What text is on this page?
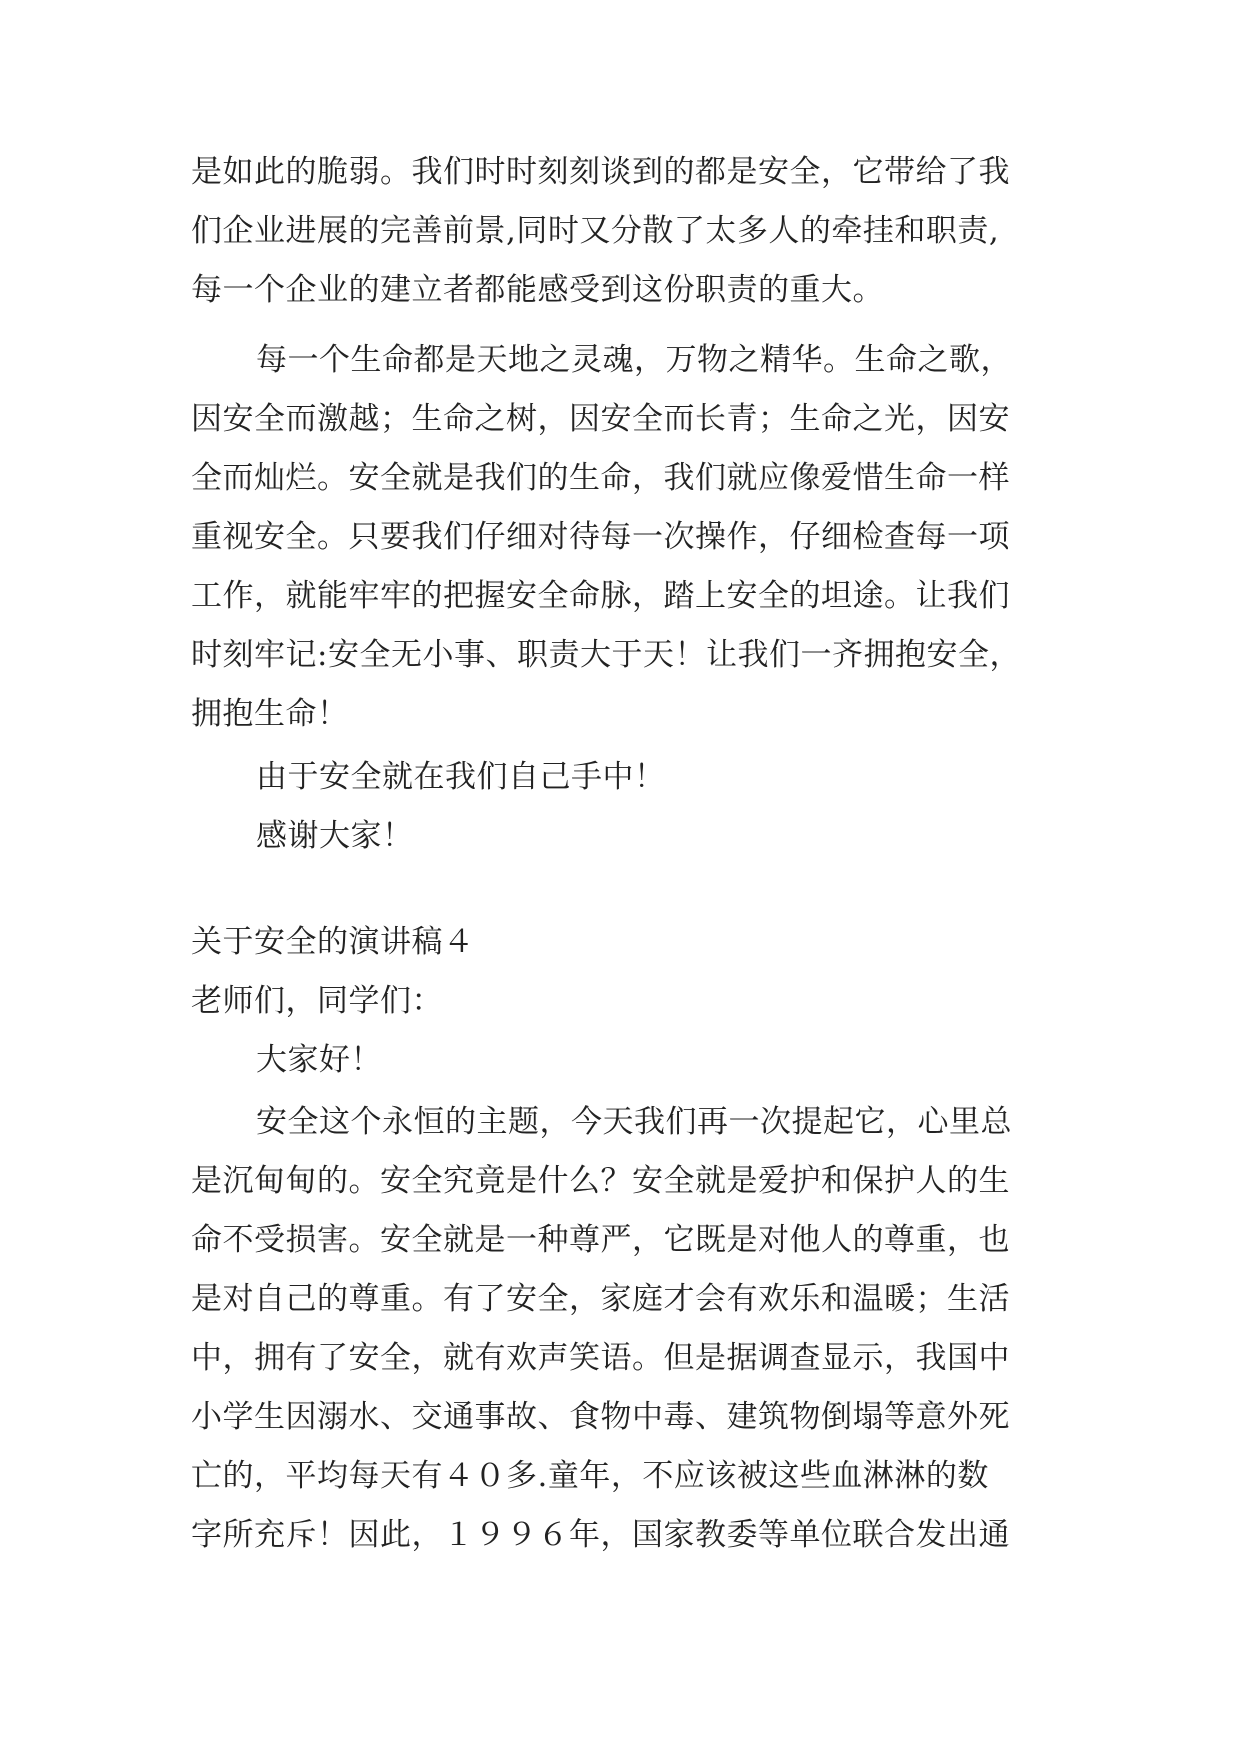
是如此的脆弱。我们时时刻刻谈到的都是安全，它带给了我
们企业进展的完善前景,同时又分散了太多人的牵挂和职责,
每一个企业的建立者都能感受到这份职责的重大。
每一个生命都是天地之灵魂，万物之精华。生命之歌，
因安全而激越；生命之树，因安全而长青；生命之光，因安
全而灿烂。安全就是我们的生命，我们就应像爱惜生命一样
重视安全。只要我们仔细对待每一次操作，仔细检查每一项
工作，就能牢牢的把握安全命脉，踏上安全的坦途。让我们
时刻牢记:安全无小事、职责大于天！让我们一齐拥抱安全，
拥抱生命！
由于安全就在我们自己手中！
感谢大家！
关于安全的演讲稿４
老师们，同学们：
大家好！
安全这个永恒的主题，今天我们再一次提起它，心里总
是沉甸甸的。安全究竟是什么？安全就是爱护和保护人的生
命不受损害。安全就是一种尊严，它既是对他人的尊重，也
是对自己的尊重。有了安全，家庭才会有欢乐和温暖；生活
中，拥有了安全，就有欢声笑语。但是据调查显示，我国中
小学生因溺水、交通事故、食物中毒、建筑物倒塌等意外死
亡的，平均每天有４０多.童年，不应该被这些血淋淋的数
字所充斥！因此，１９９６年，国家教委等单位联合发出通
